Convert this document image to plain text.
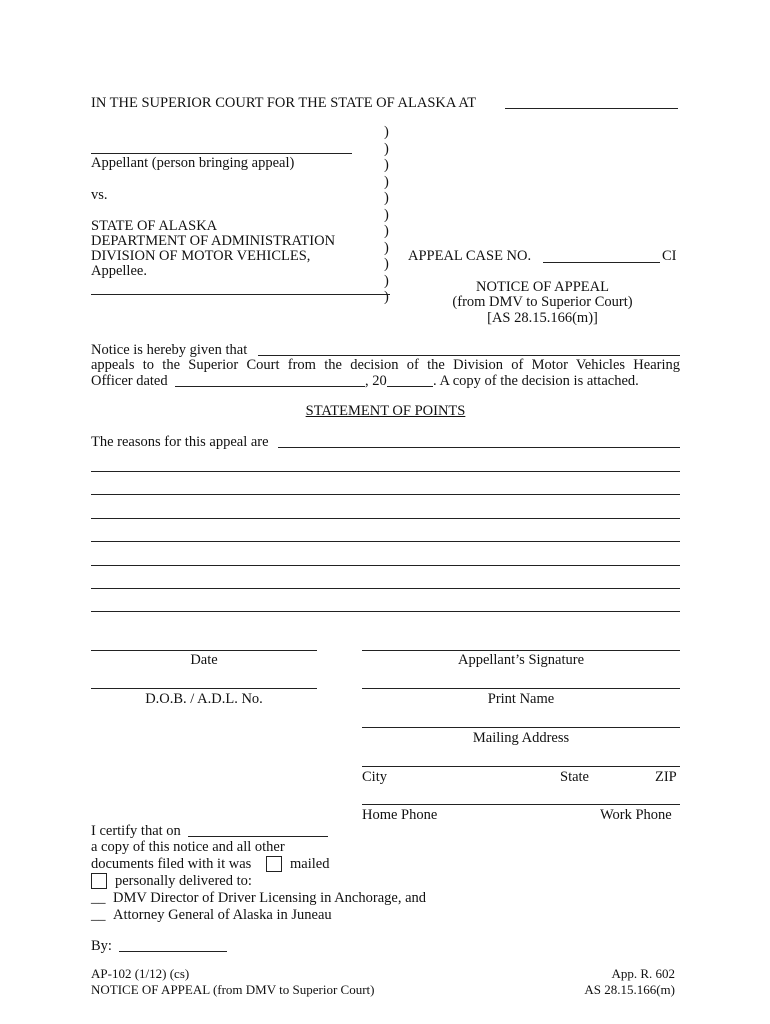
IN THE SUPERIOR COURT FOR THE STATE OF ALASKA AT
)
)
)
)
)
)
)
)
)
)
)
Appellant (person bringing appeal)
vs.
STATE OF ALASKA
DEPARTMENT OF ADMINISTRATION
DIVISION OF MOTOR VEHICLES,
Appellee.
APPEAL CASE NO.	CI
NOTICE OF APPEAL
(from DMV to Superior Court)
[AS 28.15.166(m)]
Notice is hereby given that
appeals to the Superior Court from the decision of the Division of Motor Vehicles Hearing
Officer dated	, 20	. A copy of the decision is attached.
STATEMENT OF POINTS
The reasons for this appeal are
Date	Appellant’s Signature
D.O.B. / A.D.L. No.	Print Name
Mailing Address
City	State	ZIP
Home Phone	Work Phone
I certify that on
a copy of this notice and all other
documents filed with it was	mailed
personally delivered to:
__ DMV Director of Driver Licensing in Anchorage, and
__ Attorney General of Alaska in Juneau
By:
AP-102 (1/12) (cs)
NOTICE OF APPEAL (from DMV to Superior Court)
App. R. 602
AS 28.15.166(m)
